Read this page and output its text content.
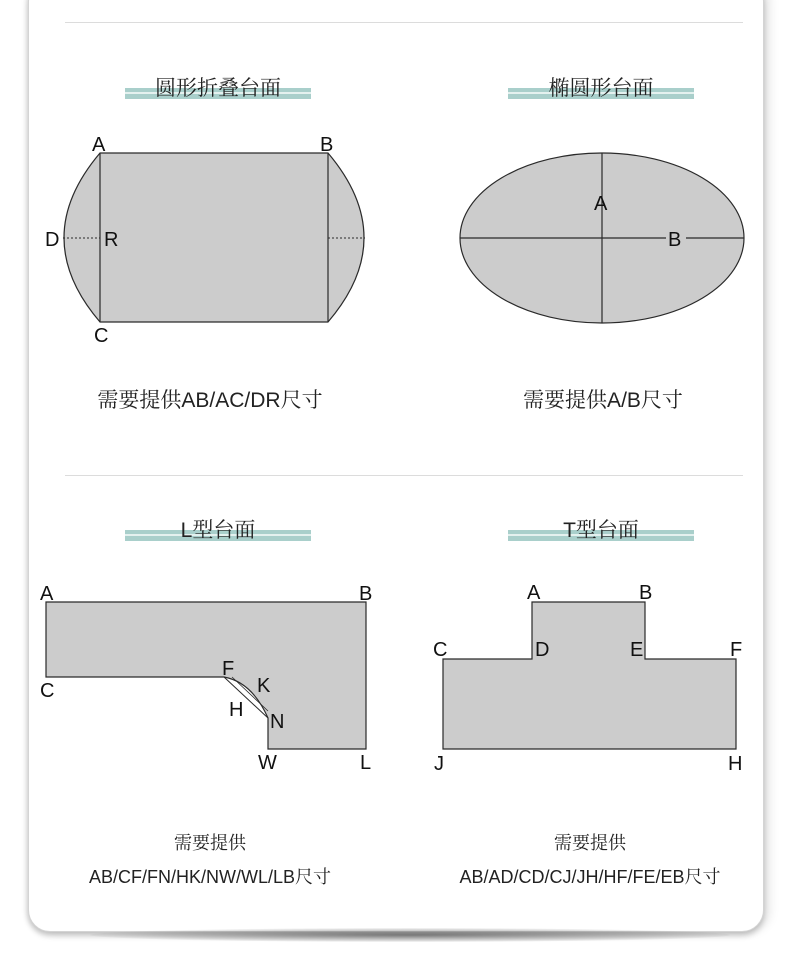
圆形折叠台面	椭圆形台面
L型台面	T型台面
A	B
C
D R
A
B
A	B
C
F
K
H
N
W	L
A	B
C	D	E	F
J	H
需要提供AB/AC/DR尺寸	需要提供A/B尺寸
需要提供
AB/CF/FN/HK/NW/WL/LB尺寸
需要提供
AB/AD/CD/CJ/JH/HF/FE/EB尺寸
